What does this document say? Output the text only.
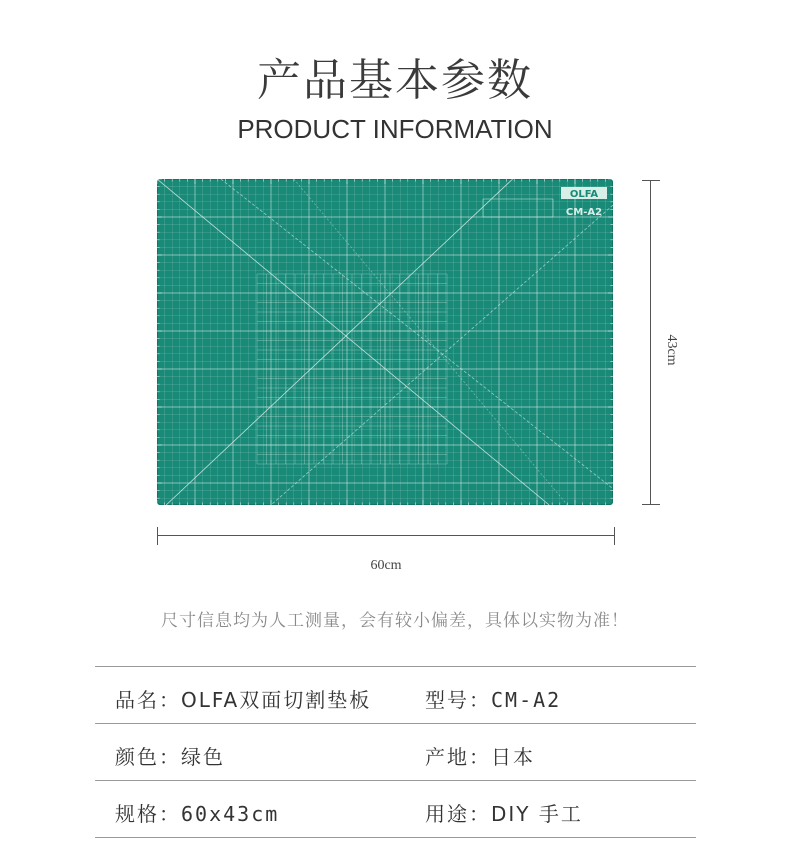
产品基本参数
PRODUCT INFORMATION
OLFA
CM-A2
60cm
43cm
尺寸信息均为人工测量，会有较小偏差，具体以实物为准！
品名：OLFA双面切割垫板	型号：CM-A2
颜色：绿色	产地：日本
规格：60x43cm	用途：DIY 手工
